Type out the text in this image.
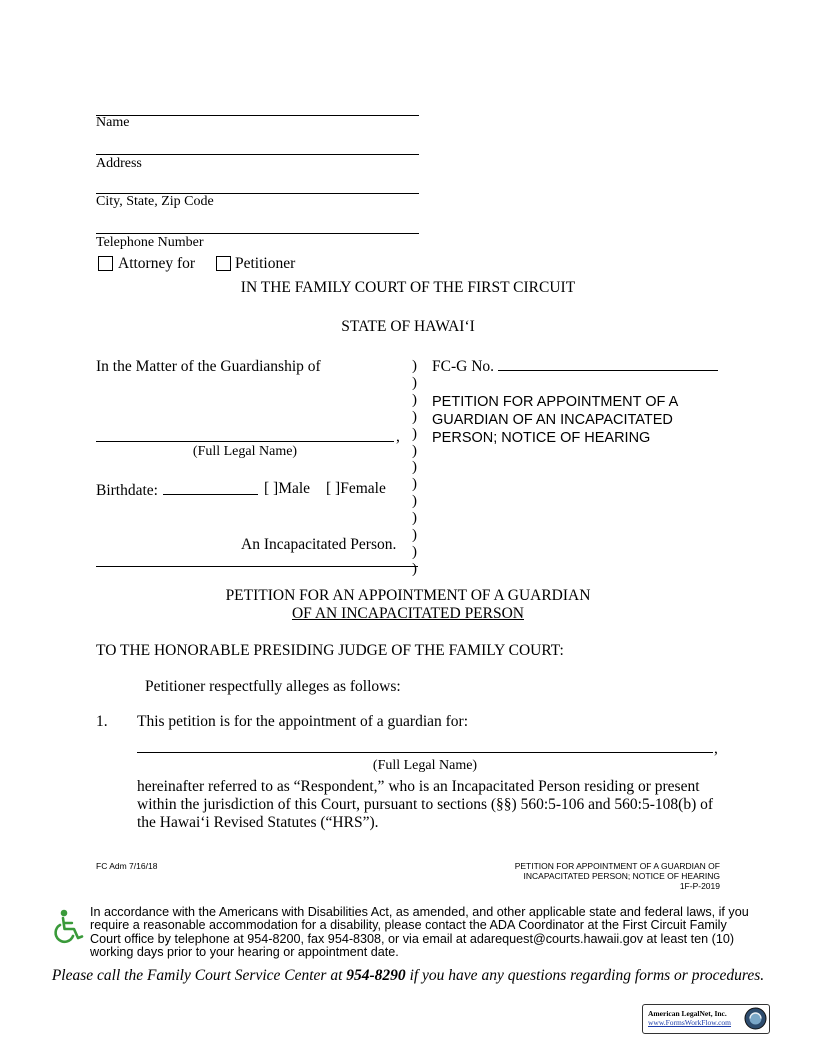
Name
Address
City, State, Zip Code
Telephone Number
Attorney for	Petitioner
IN THE FAMILY COURT OF THE FIRST CIRCUIT
STATE OF HAWAI‘I
In the Matter of the Guardianship of
,
(Full Legal Name)
Birthdate:	[ ]Male [ ]Female
An Incapacitated Person.
)
)
)
)
)
)
)
)
)
)
)
)
)
FC-G No.
PETITION FOR APPOINTMENT OF A
GUARDIAN OF AN INCAPACITATED
PERSON; NOTICE OF HEARING
PETITION FOR AN APPOINTMENT OF A GUARDIAN
OF AN INCAPACITATED PERSON
TO THE HONORABLE PRESIDING JUDGE OF THE FAMILY COURT:
Petitioner respectfully alleges as follows:
1. This petition is for the appointment of a guardian for:
,
(Full Legal Name)
hereinafter referred to as “Respondent,” who is an Incapacitated Person residing or present
within the jurisdiction of this Court, pursuant to sections (§§) 560:5-106 and 560:5-108(b) of
the Hawai‘i Revised Statutes (“HRS”).
FC Adm 7/16/18	PETITION FOR APPOINTMENT OF A GUARDIAN OF
INCAPACITATED PERSON; NOTICE OF HEARING
1F-P-2019
In accordance with the Americans with Disabilities Act, as amended, and other applicable state and federal laws, if you
require a reasonable accommodation for a disability, please contact the ADA Coordinator at the First Circuit Family
Court office by telephone at 954-8200, fax 954-8308, or via email at adarequest@courts.hawaii.gov at least ten (10)
working days prior to your hearing or appointment date.
Please call the Family Court Service Center at 954-8290 if you have any questions regarding forms or procedures.
American LegalNet, Inc.
www.FormsWorkFlow.com
